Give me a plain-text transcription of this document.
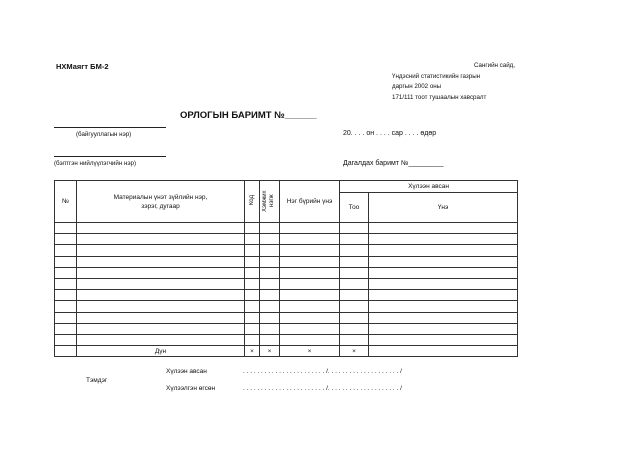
НХМаягт БМ-2	Сангийн сайд,
Үндэсний статистикийн газрын
даргын 2002 оны
171/111 тоот тушаалын хавсралт
ОРЛОГЫН БАРИМТ №______
(байгууллагын нэр)	20. . . . он . . . . сар . . . . өдөр
(бэлтгэн нийлүүлэгчийн нэр)	Дагалдах баримт №_________
№	Материалын үнэт зүйлийн нэр, зэрэг, дугаар	Код	Хэмжих нэгж	Нэг бүрийн үнэ	Хүлээн авсан	
					Тоо	Үнэ

	Дүн	×	×	×	×	
Хүлээн авсан	. . . . . . . . . . . . . . . . . . . . . . . /. . . . . . . . . . . . . . . . . . . . /
Тэмдэг
Хүлээлгэн өгсөн	. . . . . . . . . . . . . . . . . . . . . . . /. . . . . . . . . . . . . . . . . . . . /
